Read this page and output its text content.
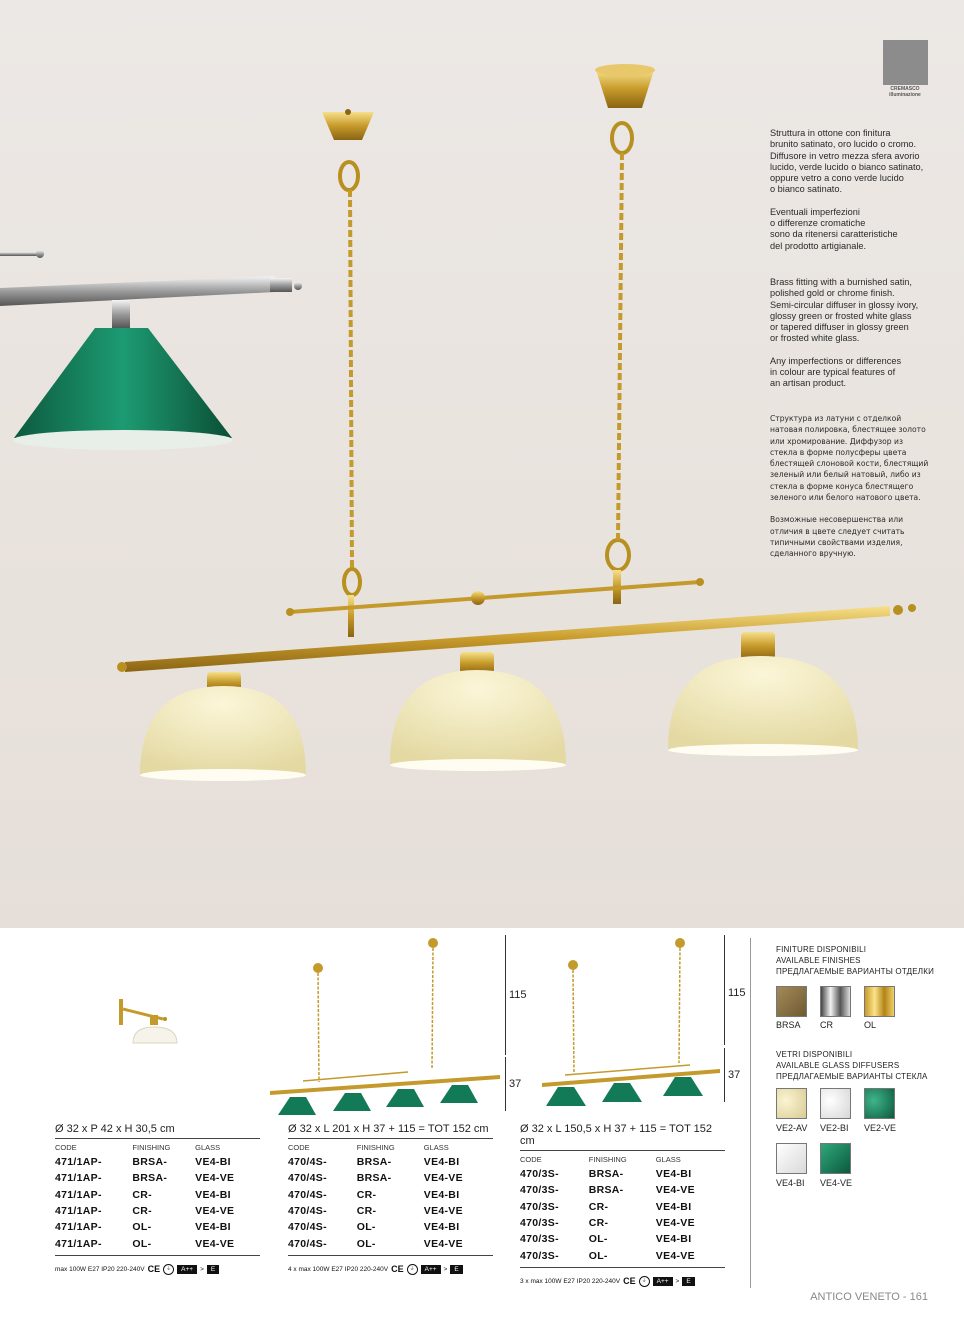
CREMASCO
illuminazione

Struttura in ottone con finitura
brunito satinato, oro lucido o cromo.
Diffusore in vetro mezza sfera avorio
lucido, verde lucido o bianco satinato,
oppure vetro a cono verde lucido
o bianco satinato.

Eventuali imperfezioni
o differenze cromatiche
sono da ritenersi caratteristiche
del prodotto artigianale.

Brass fitting with a burnished satin,
polished gold or chrome finish.
Semi-circular diffuser in glossy ivory,
glossy green or frosted white glass
or tapered diffuser in glossy green
or frosted white glass.

Any imperfections or differences
in colour are typical features of
an artisan product.

Структура из латуни с отделкой
натовая полировка, блестящее золото
или хромирование. Диффузор из
стекла в форме полусферы цвета
блестящей слоновой кости, блестящий
зеленый или белый натовый, либо из
стекла в форме конуса блестящего
зеленого или белого натового цвета.

Возможные несовершенства или
отличия в цвете следует считать
типичными свойствами изделия,
сделанного вручную.

115
37
115
37
Ø 32 x P 42 x H 30,5 cm
CODE	FINISHING	GLASS
471/1AP-	BRSA-	VE4-BI
471/1AP-	BRSA-	VE4-VE
471/1AP-	CR-	VE4-BI
471/1AP-	CR-	VE4-VE
471/1AP-	OL-	VE4-BI
471/1AP-	OL-	VE4-VE
max 100W E27 IP20 220-240V CE	⏚	A++	>	E
Ø 32 x L 201 x H 37 + 115 = TOT 152 cm
CODE	FINISHING	GLASS
470/4S-	BRSA-	VE4-BI
470/4S-	BRSA-	VE4-VE
470/4S-	CR-	VE4-BI
470/4S-	CR-	VE4-VE
470/4S-	OL-	VE4-BI
470/4S-	OL-	VE4-VE
4 x max 100W E27 IP20 220-240V CE	⏚	A++	>	E
Ø 32 x L 150,5 x H 37 + 115 = TOT 152 cm
CODE	FINISHING	GLASS
470/3S-	BRSA-	VE4-BI
470/3S-	BRSA-	VE4-VE
470/3S-	CR-	VE4-BI
470/3S-	CR-	VE4-VE
470/3S-	OL-	VE4-BI
470/3S-	OL-	VE4-VE
3 x max 100W E27 IP20 220-240V CE	⏚	A++	>	E
FINITURE DISPONIBILI
AVAILABLE FINISHES
ПРЕДЛАГАЕМЫЕ ВАРИАНТЫ ОТДЕЛКИ
BRSA CR	OL
VETRI DISPONIBILI
AVAILABLE GLASS DIFFUSERS
ПРЕДЛАГАЕМЫЕ ВАРИАНТЫ СТЕКЛА
VE2-AV VE2-BI VE2-VE
VE4-BI VE4-VE
ANTICO VENETO - 161
